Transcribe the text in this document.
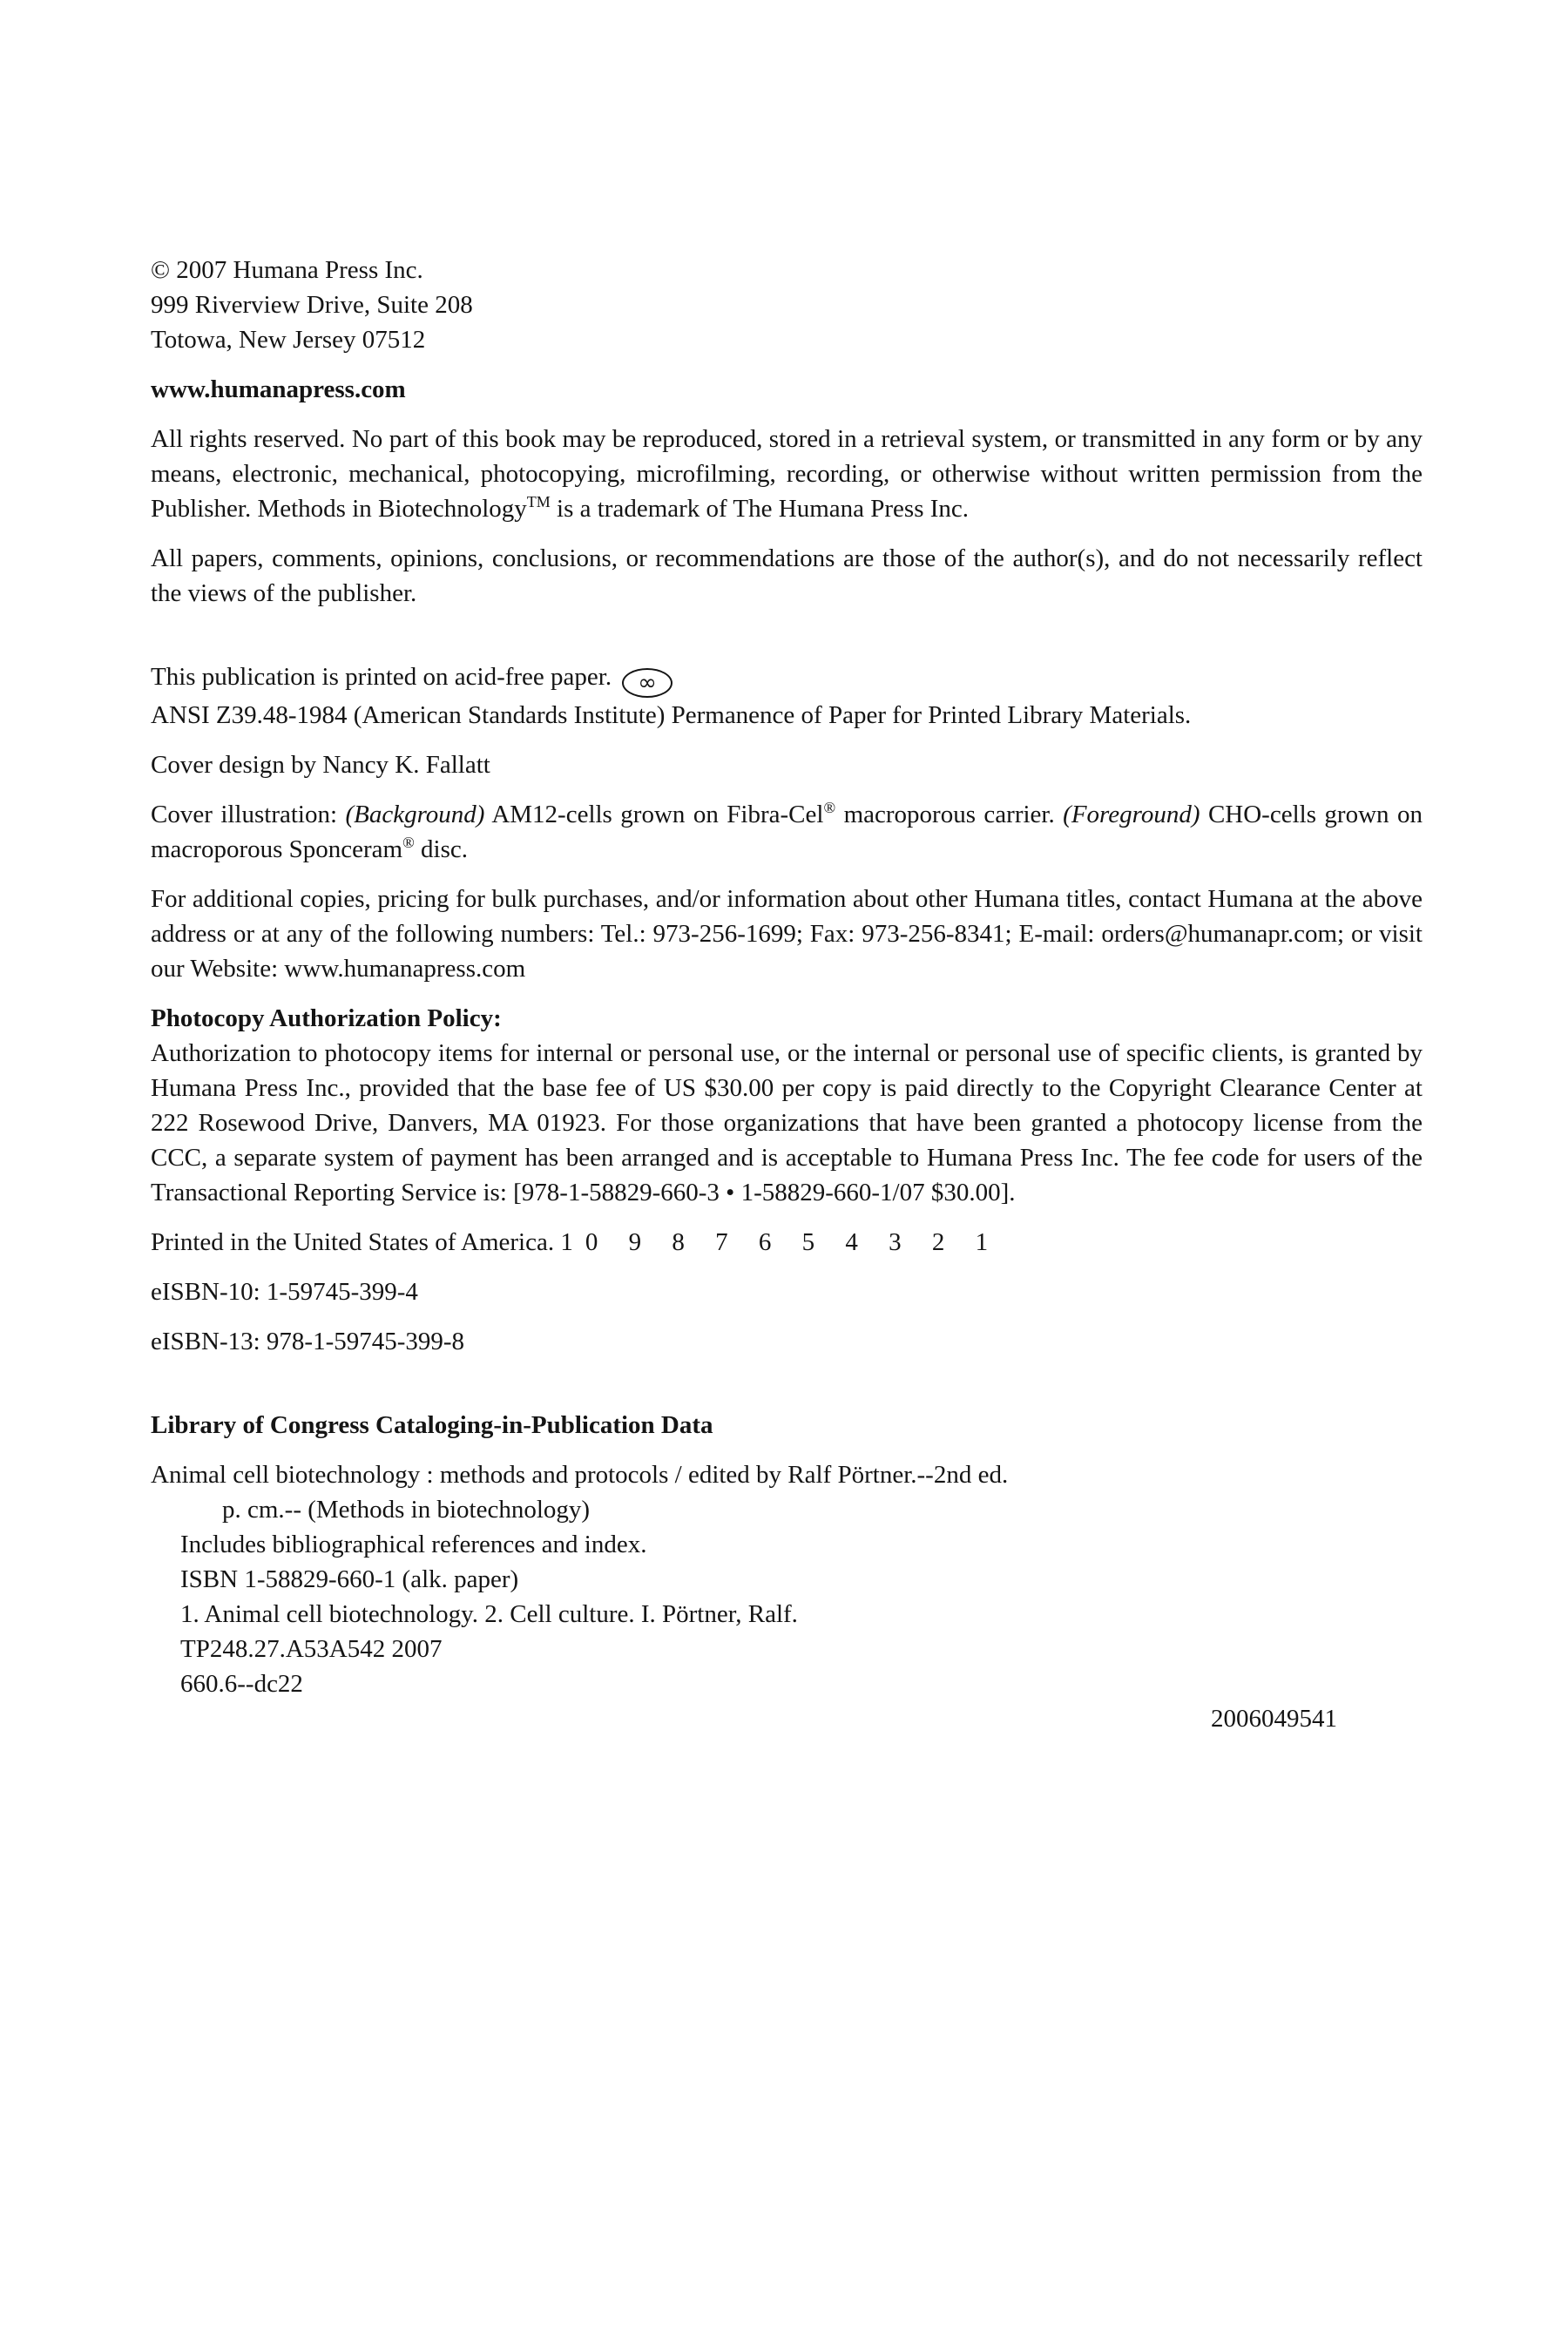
© 2007 Humana Press Inc.

999 Riverview Drive, Suite 208

Totowa, New Jersey 07512

www.humanapress.com

All rights reserved. No part of this book may be reproduced, stored in a retrieval system, or transmitted in any form or by any means, electronic, mechanical, photocopying, microfilming, recording, or otherwise without written permission from the Publisher. Methods in Biotechnology™ is a trademark of The Humana Press Inc.

All papers, comments, opinions, conclusions, or recommendations are those of the author(s), and do not necessarily reflect the views of the publisher.

This publication is printed on acid-free paper. ∞

ANSI Z39.48-1984 (American Standards Institute) Permanence of Paper for Printed Library Materials.

Cover design by Nancy K. Fallatt

Cover illustration: (Background) AM12-cells grown on Fibra-Cel® macroporous carrier. (Foreground) CHO-cells grown on macroporous Sponceram® disc.

For additional copies, pricing for bulk purchases, and/or information about other Humana titles, contact Humana at the above address or at any of the following numbers: Tel.: 973-256-1699; Fax: 973-256-8341; E-mail: orders@humanapr.com; or visit our Website: www.humanapress.com

Photocopy Authorization Policy:

Authorization to photocopy items for internal or personal use, or the internal or personal use of specific clients, is granted by Humana Press Inc., provided that the base fee of US $30.00 per copy is paid directly to the Copyright Clearance Center at 222 Rosewood Drive, Danvers, MA 01923. For those organizations that have been granted a photocopy license from the CCC, a separate system of payment has been arranged and is acceptable to Humana Press Inc. The fee code for users of the Transactional Reporting Service is: [978-1-58829-660-3 • 1-58829-660-1/07 $30.00].

Printed in the United States of America. 10 9 8 7 6 5 4 3 2 1

eISBN-10: 1-59745-399-4

eISBN-13: 978-1-59745-399-8

Library of Congress Cataloging-in-Publication Data

Animal cell biotechnology : methods and protocols / edited by Ralf Pörtner.--2nd ed.

p. cm.-- (Methods in biotechnology)

Includes bibliographical references and index.

ISBN 1-58829-660-1 (alk. paper)

1. Animal cell biotechnology. 2. Cell culture. I. Pörtner, Ralf.

TP248.27.A53A542 2007

660.6--dc22

2006049541
